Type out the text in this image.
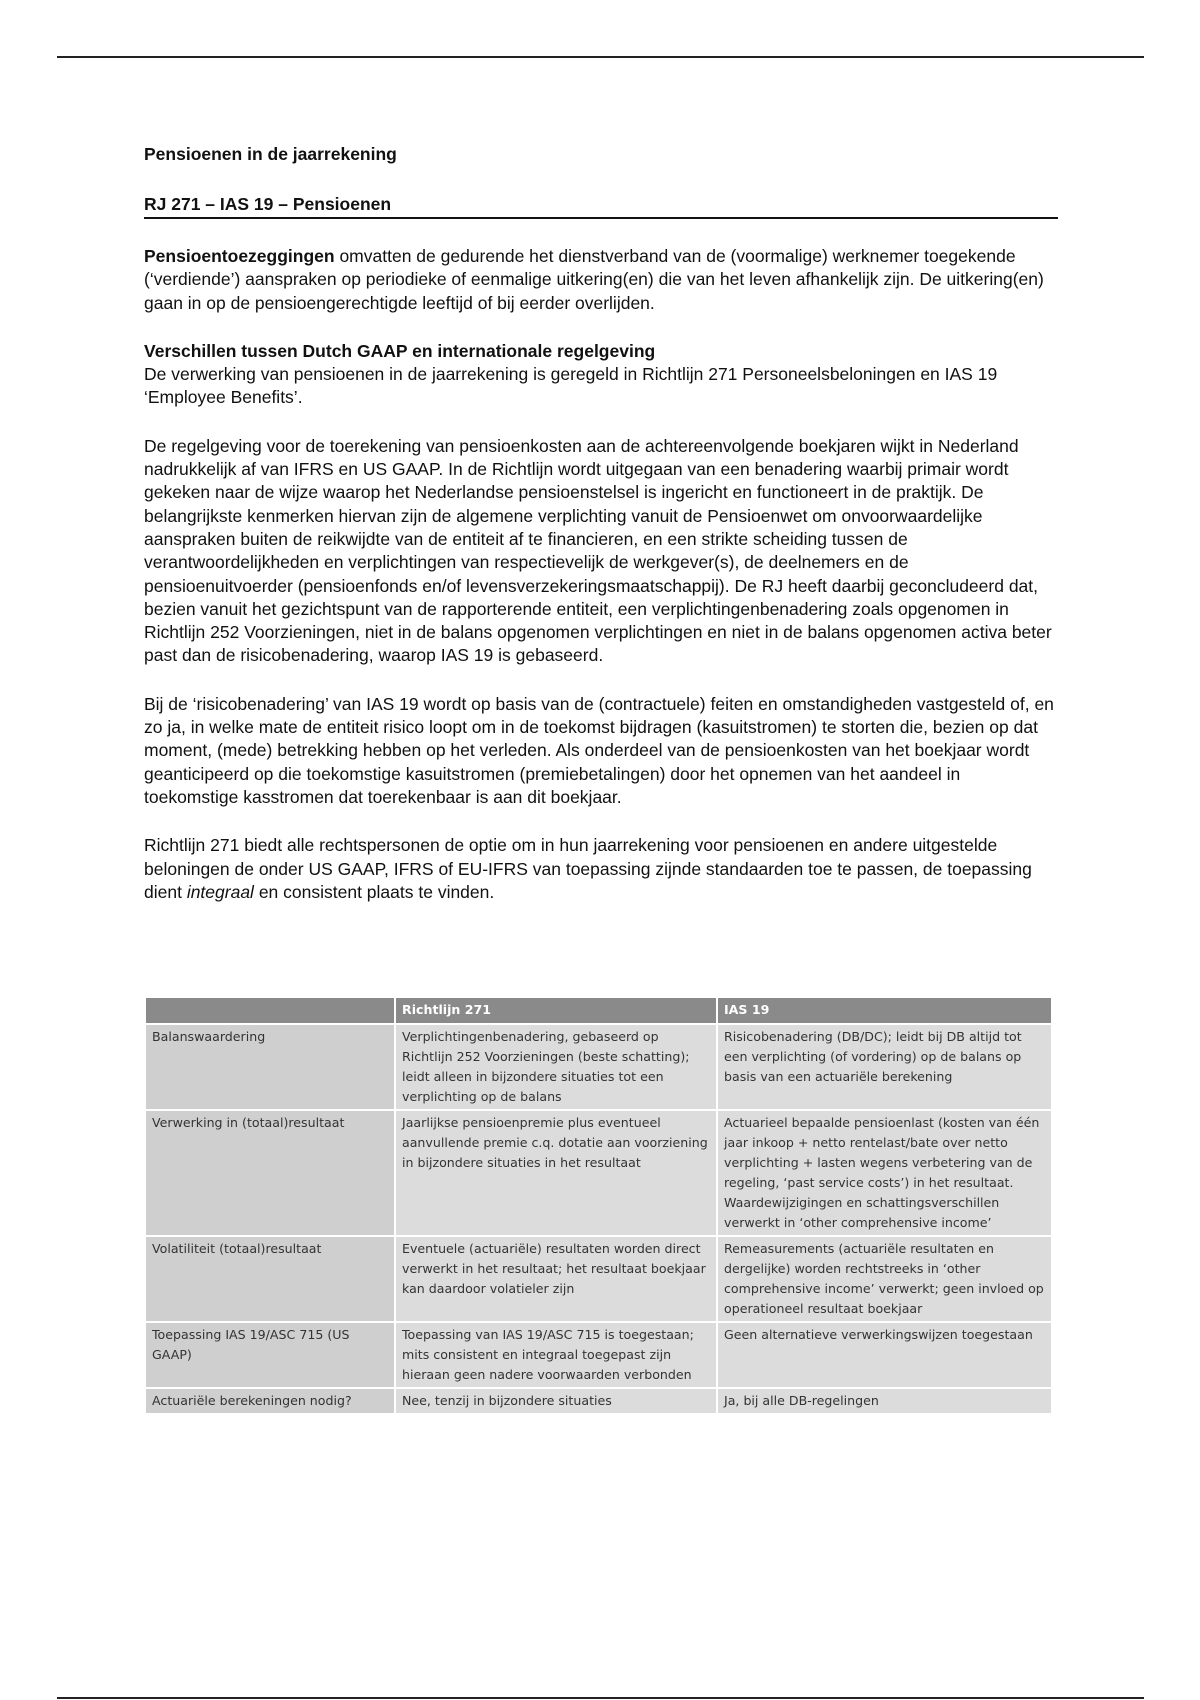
Pensioenen in de jaarrekening
RJ 271 – IAS 19 – Pensioenen

Pensioentoezeggingen omvatten de gedurende het dienstverband van de (voormalige) werknemer toegekende (‘verdiende’) aanspraken op periodieke of eenmalige uitkering(en) die van het leven afhankelijk zijn. De uitkering(en) gaan in op de pensioengerechtigde leeftijd of bij eerder overlijden.

Verschillen tussen Dutch GAAP en internationale regelgeving

De verwerking van pensioenen in de jaarrekening is geregeld in Richtlijn 271 Personeelsbeloningen en IAS 19 ‘Employee Benefits’.

De regelgeving voor de toerekening van pensioenkosten aan de achtereenvolgende boekjaren wijkt in Nederland nadrukkelijk af van IFRS en US GAAP. In de Richtlijn wordt uitgegaan van een benadering waarbij primair wordt gekeken naar de wijze waarop het Nederlandse pensioenstelsel is ingericht en functioneert in de praktijk. De belangrijkste kenmerken hiervan zijn de algemene verplichting vanuit de Pensioenwet om onvoorwaardelijke aanspraken buiten de reikwijdte van de entiteit af te financieren, en een strikte scheiding tussen de verantwoordelijkheden en verplichtingen van respectievelijk de werkgever(s), de deelnemers en de pensioenuitvoerder (pensioenfonds en/of levensverzekeringsmaatschappij). De RJ heeft daarbij geconcludeerd dat, bezien vanuit het gezichtspunt van de rapporterende entiteit, een verplichtingenbenadering zoals opgenomen in Richtlijn 252 Voorzieningen, niet in de balans opgenomen verplichtingen en niet in de balans opgenomen activa beter past dan de risicobenadering, waarop IAS 19 is gebaseerd.

Bij de ‘risicobenadering’ van IAS 19 wordt op basis van de (contractuele) feiten en omstandigheden vastgesteld of, en zo ja, in welke mate de entiteit risico loopt om in de toekomst bijdragen (kasuitstromen) te storten die, bezien op dat moment, (mede) betrekking hebben op het verleden. Als onderdeel van de pensioenkosten van het boekjaar wordt geanticipeerd op die toekomstige kasuitstromen (premiebetalingen) door het opnemen van het aandeel in toekomstige kasstromen dat toerekenbaar is aan dit boekjaar.

Richtlijn 271 biedt alle rechtspersonen de optie om in hun jaarrekening voor pensioenen en andere uitgestelde beloningen de onder US GAAP, IFRS of EU-IFRS van toepassing zijnde standaarden toe te passen, de toepassing dient integraal en consistent plaats te vinden.

	Richtlijn 271	IAS 19
Balanswaardering	Verplichtingenbenadering, gebaseerd op Richtlijn 252 Voorzieningen (beste schatting); leidt alleen in bijzondere situaties tot een verplichting op de balans	Risicobenadering (DB/DC); leidt bij DB altijd tot een verplichting (of vordering) op de balans op basis van een actuariële berekening
Verwerking in (totaal)resultaat	Jaarlijkse pensioenpremie plus eventueel aanvullende premie c.q. dotatie aan voorziening in bijzondere situaties in het resultaat	Actuarieel bepaalde pensioenlast (kosten van één jaar inkoop + netto rentelast/bate over netto verplichting + lasten wegens verbetering van de regeling, ‘past service costs’) in het resultaat.
Waardewijzigingen en schattingsverschillen verwerkt in ‘other comprehensive income’

Volatiliteit (totaal)resultaat	Eventuele (actuariële) resultaten worden direct verwerkt in het resultaat; het resultaat boekjaar kan daardoor volatieler zijn	Remeasurements (actuariële resultaten en dergelijke) worden rechtstreeks in ‘other comprehensive income’ verwerkt; geen invloed op operationeel resultaat boekjaar
Toepassing IAS 19/ASC 715 (US GAAP)	Toepassing van IAS 19/ASC 715 is toegestaan; mits consistent en integraal toegepast zijn hieraan geen nadere voorwaarden verbonden	Geen alternatieve verwerkingswijzen toegestaan
Actuariële berekeningen nodig?	Nee, tenzij in bijzondere situaties	Ja, bij alle DB-regelingen
